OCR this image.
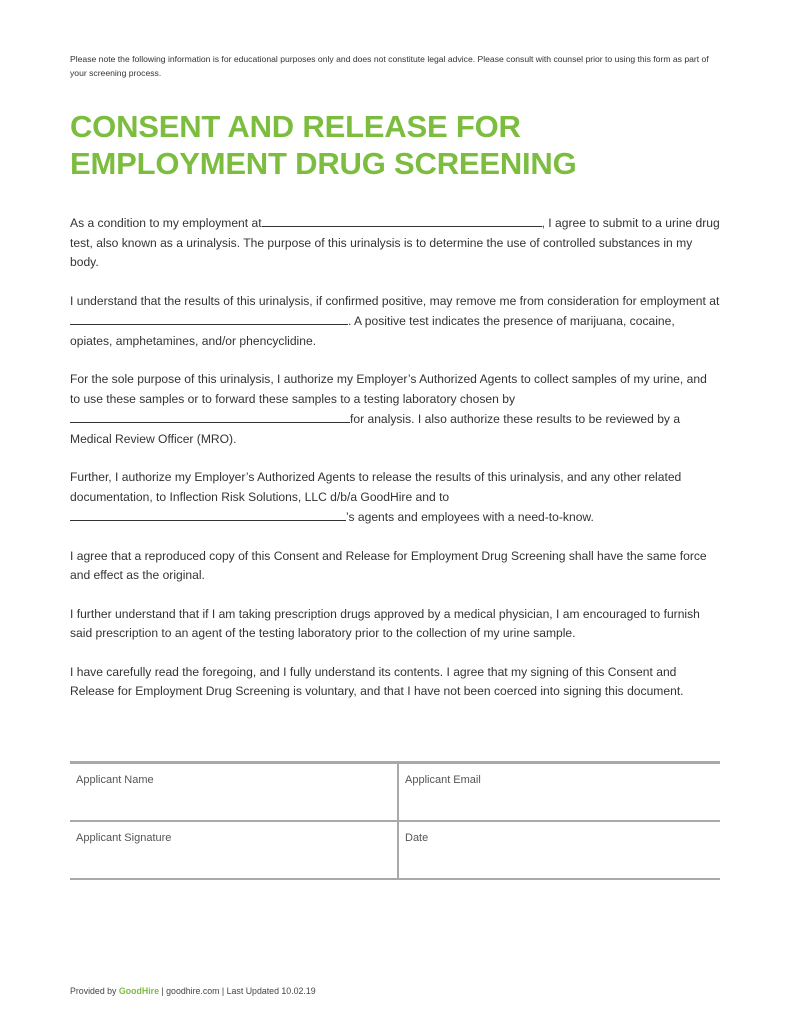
Please note the following information is for educational purposes only and does not constitute legal advice. Please consult with counsel prior to using this form as part of your screening process.
CONSENT AND RELEASE FOR
EMPLOYMENT DRUG SCREENING

As a condition to my employment at	, I agree to submit to a urine drug test, also known as a urinalysis. The purpose of this urinalysis is to determine the use of controlled substances in my body.

I understand that the results of this urinalysis, if confirmed positive, may remove me from consideration for employment at. A positive test indicates the presence of marijuana, cocaine, opiates, amphetamines, and/or phencyclidine.

For the sole purpose of this urinalysis, I authorize my Employer’s Authorized Agents to collect samples of my urine, and to use these samples or to forward these samples to a testing laboratory chosen by for analysis. I also authorize these results to be reviewed by a Medical Review Officer (MRO).

Further, I authorize my Employer’s Authorized Agents to release the results of this urinalysis, and any other related documentation, to Inflection Risk Solutions, LLC d/b/a GoodHire and to ’s agents and employees with a need-to-know.

I agree that a reproduced copy of this Consent and Release for Employment Drug Screening shall have the same force and effect as the original.

I further understand that if I am taking prescription drugs approved by a medical physician, I am encouraged to furnish said prescription to an agent of the testing laboratory prior to the collection of my urine sample.

I have carefully read the foregoing, and I fully understand its contents. I agree that my signing of this Consent and Release for Employment Drug Screening is voluntary, and that I have not been coerced into signing this document.

Applicant Name	Applicant Email
Applicant Signature	Date
Provided by GoodHire | goodhire.com | Last Updated 10.02.19
